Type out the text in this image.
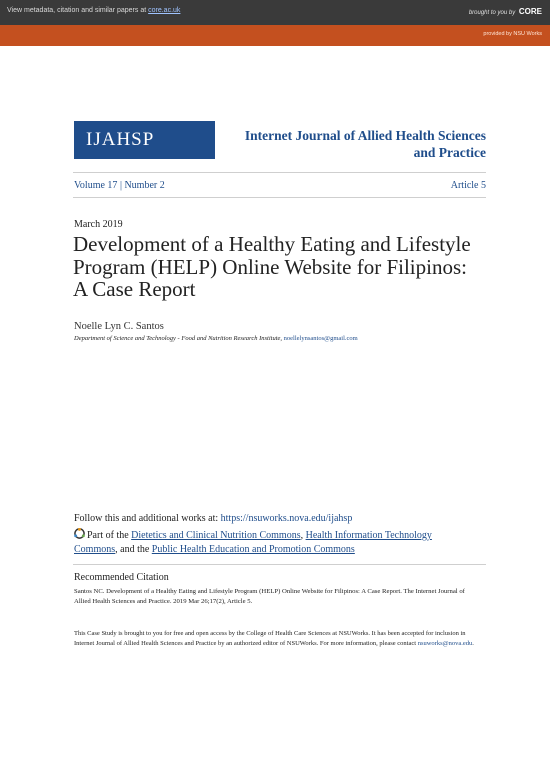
View metadata, citation and similar papers at core.ac.uk	brought to you by CORE
provided by NSU Works
IJAHSP	Internet Journal of Allied Health Sciences
and Practice
Volume 17 | Number 2	Article 5
March 2019
Development of a Healthy Eating and Lifestyle Program (HELP) Online Website for Filipinos: A Case Report
Noelle Lyn C. Santos
Department of Science and Technology - Food and Nutrition Research Institute, noellelynsantos@gmail.com
Follow this and additional works at: https://nsuworks.nova.edu/ijahsp
Part of the Dietetics and Clinical Nutrition Commons, Health Information Technology Commons, and the Public Health Education and Promotion Commons
Recommended Citation
Santos NC. Development of a Healthy Eating and Lifestyle Program (HELP) Online Website for Filipinos: A Case Report. The Internet Journal of Allied Health Sciences and Practice. 2019 Mar 26;17(2), Article 5.
This Case Study is brought to you for free and open access by the College of Health Care Sciences at NSUWorks. It has been accepted for inclusion in Internet Journal of Allied Health Sciences and Practice by an authorized editor of NSUWorks. For more information, please contact nsuworks@nova.edu.
